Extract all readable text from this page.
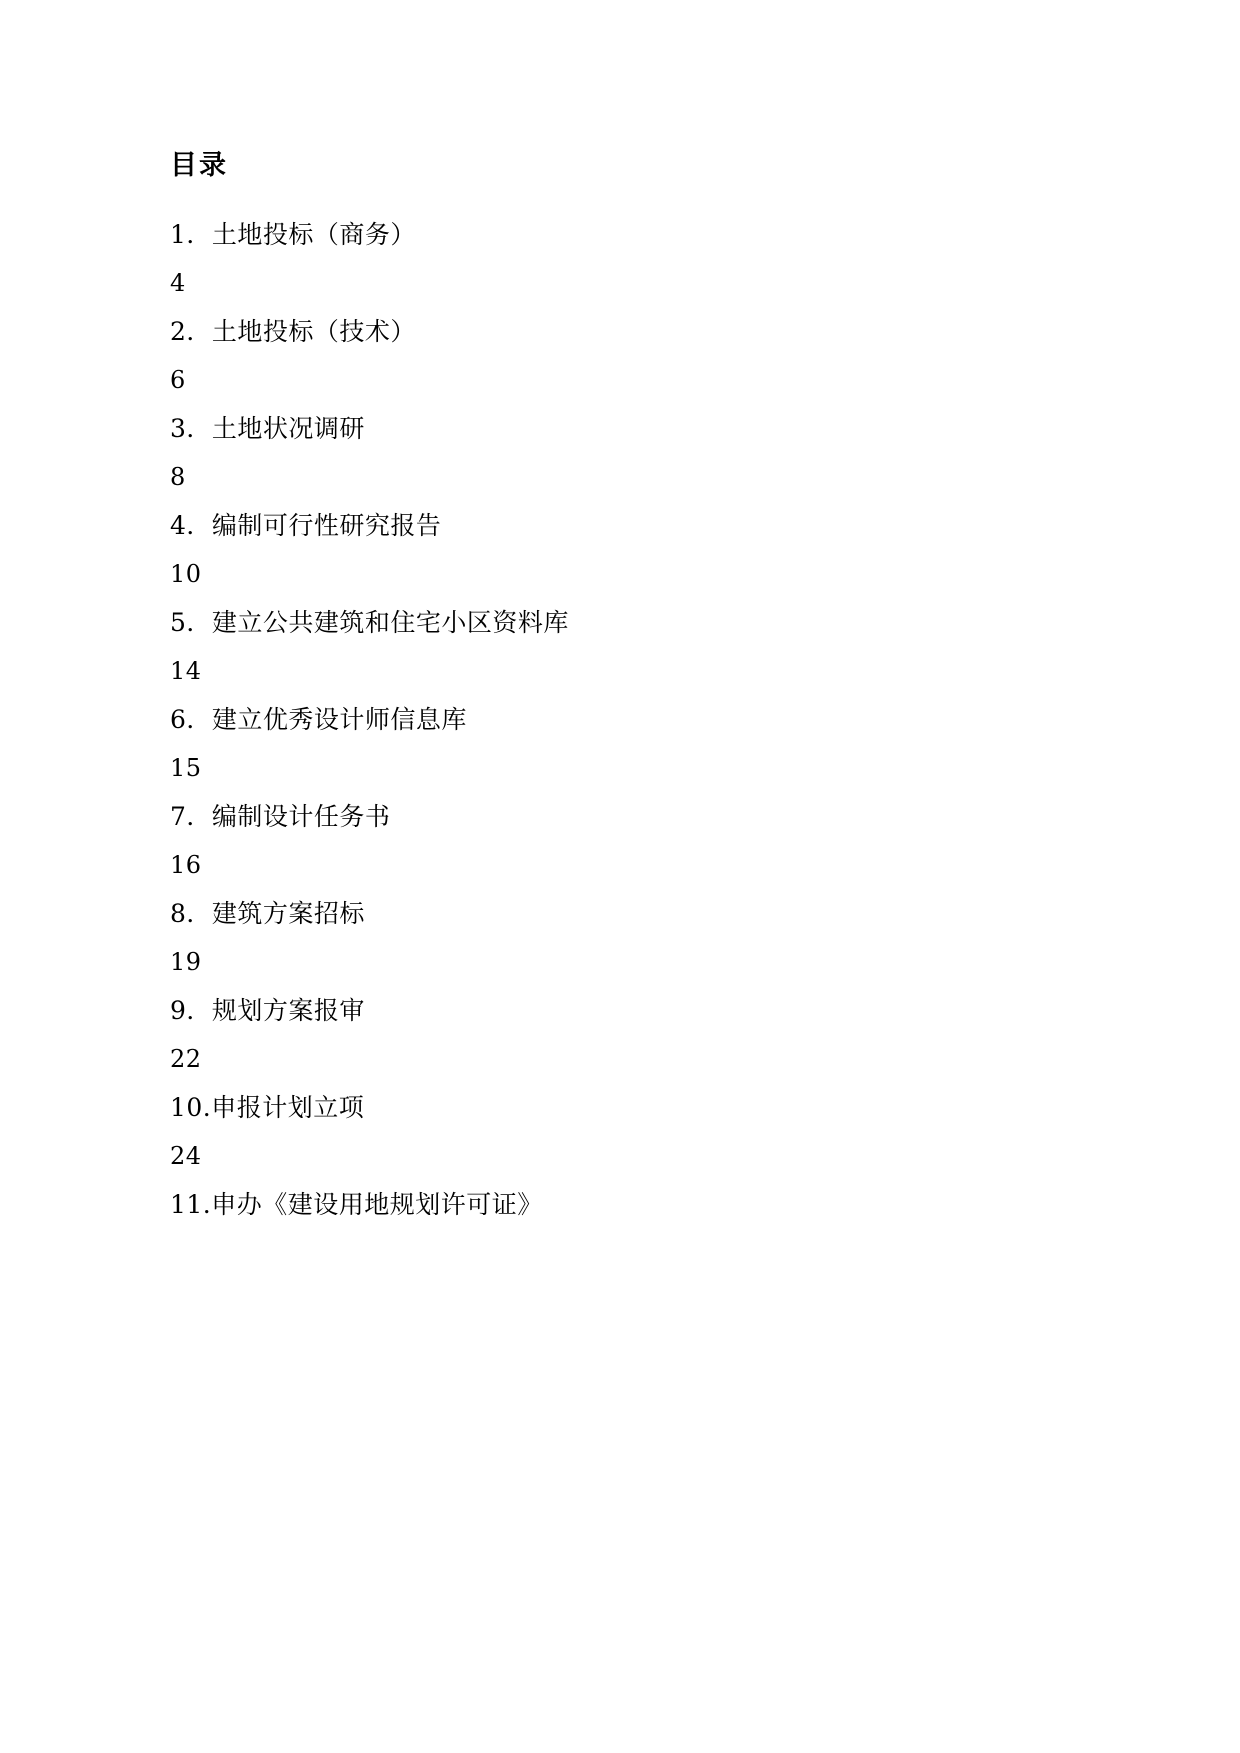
目录
1．土地投标（商务）
4
2．土地投标（技术）
6
3．土地状况调研
8
4．编制可行性研究报告
10
5．建立公共建筑和住宅小区资料库
14
6．建立优秀设计师信息库
15
7．编制设计任务书
16
8．建筑方案招标
19
9．规划方案报审
22
10.申报计划立项
24
11.申办《建设用地规划许可证》
